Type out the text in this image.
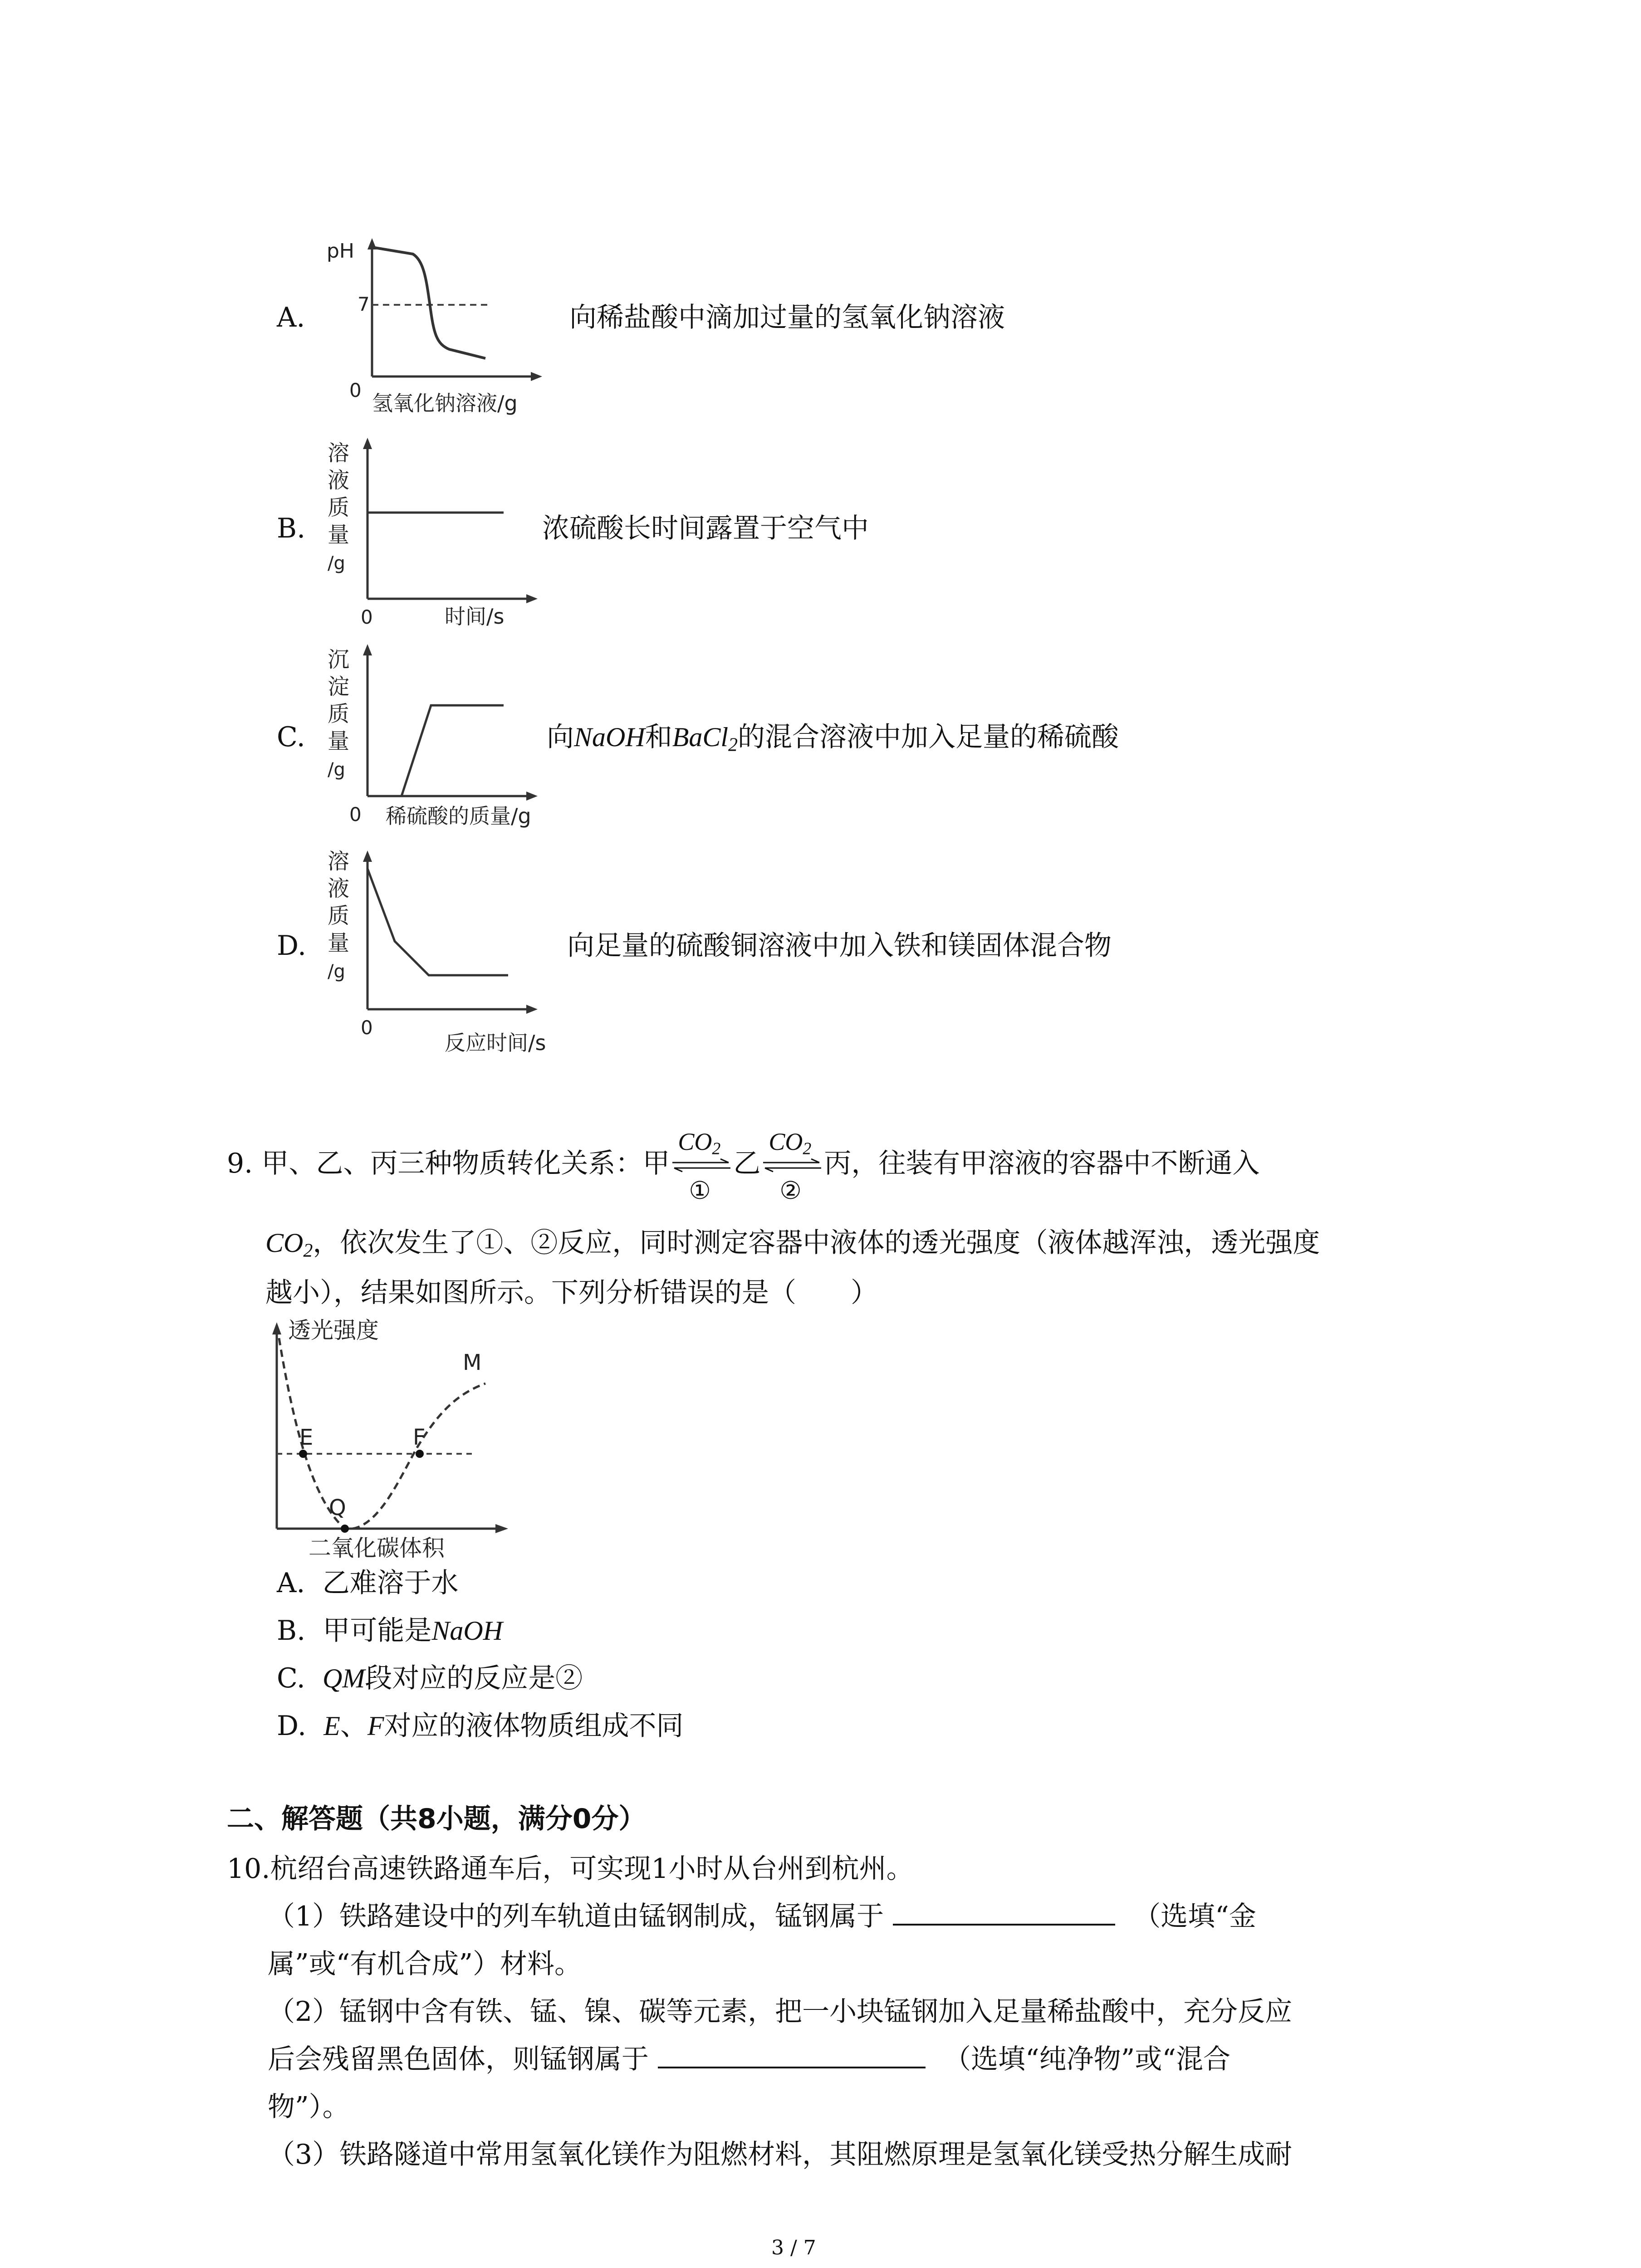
A.
pH
7
0
氢氧化钠溶液/g
向稀盐酸中滴加过量的氢氧化钠溶液
B.
溶
液
质
量
/g
0	时间/s
浓硫酸长时间露置于空气中
C.
沉
淀
质
量
/g
0 稀硫酸的质量/g
向NaOH和BaCl$_2$的混合溶液中加入足量的稀硫酸
D.
溶
液
质
量
/g
0
反应时间/s
向足量的硫酸铜溶液中加入铁和镁固体混合物
9. 甲、乙、丙三种物质转化关系：甲
$CO_2$
①
乙
$CO_2$
②
丙，往装有甲溶液的容器中不断通入
$CO_2$，依次发生了①、②反应，同时测定容器中液体的透光强度（液体越浑浊，透光强度
越小），结果如图所示。下列分析错误的是（　　）
透光强度
E	F
Q
M
二氧化碳体积
A. 乙难溶于水
B. 甲可能是NaOH
C. QM段对应的反应是②
D. E、F对应的液体物质组成不同
二、解答题（共8小题，满分0分）
10.杭绍台高速铁路通车后，可实现1小时从台州到杭州。
（1）铁路建设中的列车轨道由锰钢制成，锰钢属于	（选填“金
属”或“有机合成”）材料。
（2）锰钢中含有铁、锰、镍、碳等元素，把一小块锰钢加入足量稀盐酸中，充分反应
后会残留黑色固体，则锰钢属于	（选填“纯净物”或“混合
物”）。
（3）铁路隧道中常用氢氧化镁作为阻燃材料，其阻燃原理是氢氧化镁受热分解生成耐
3 / 7
